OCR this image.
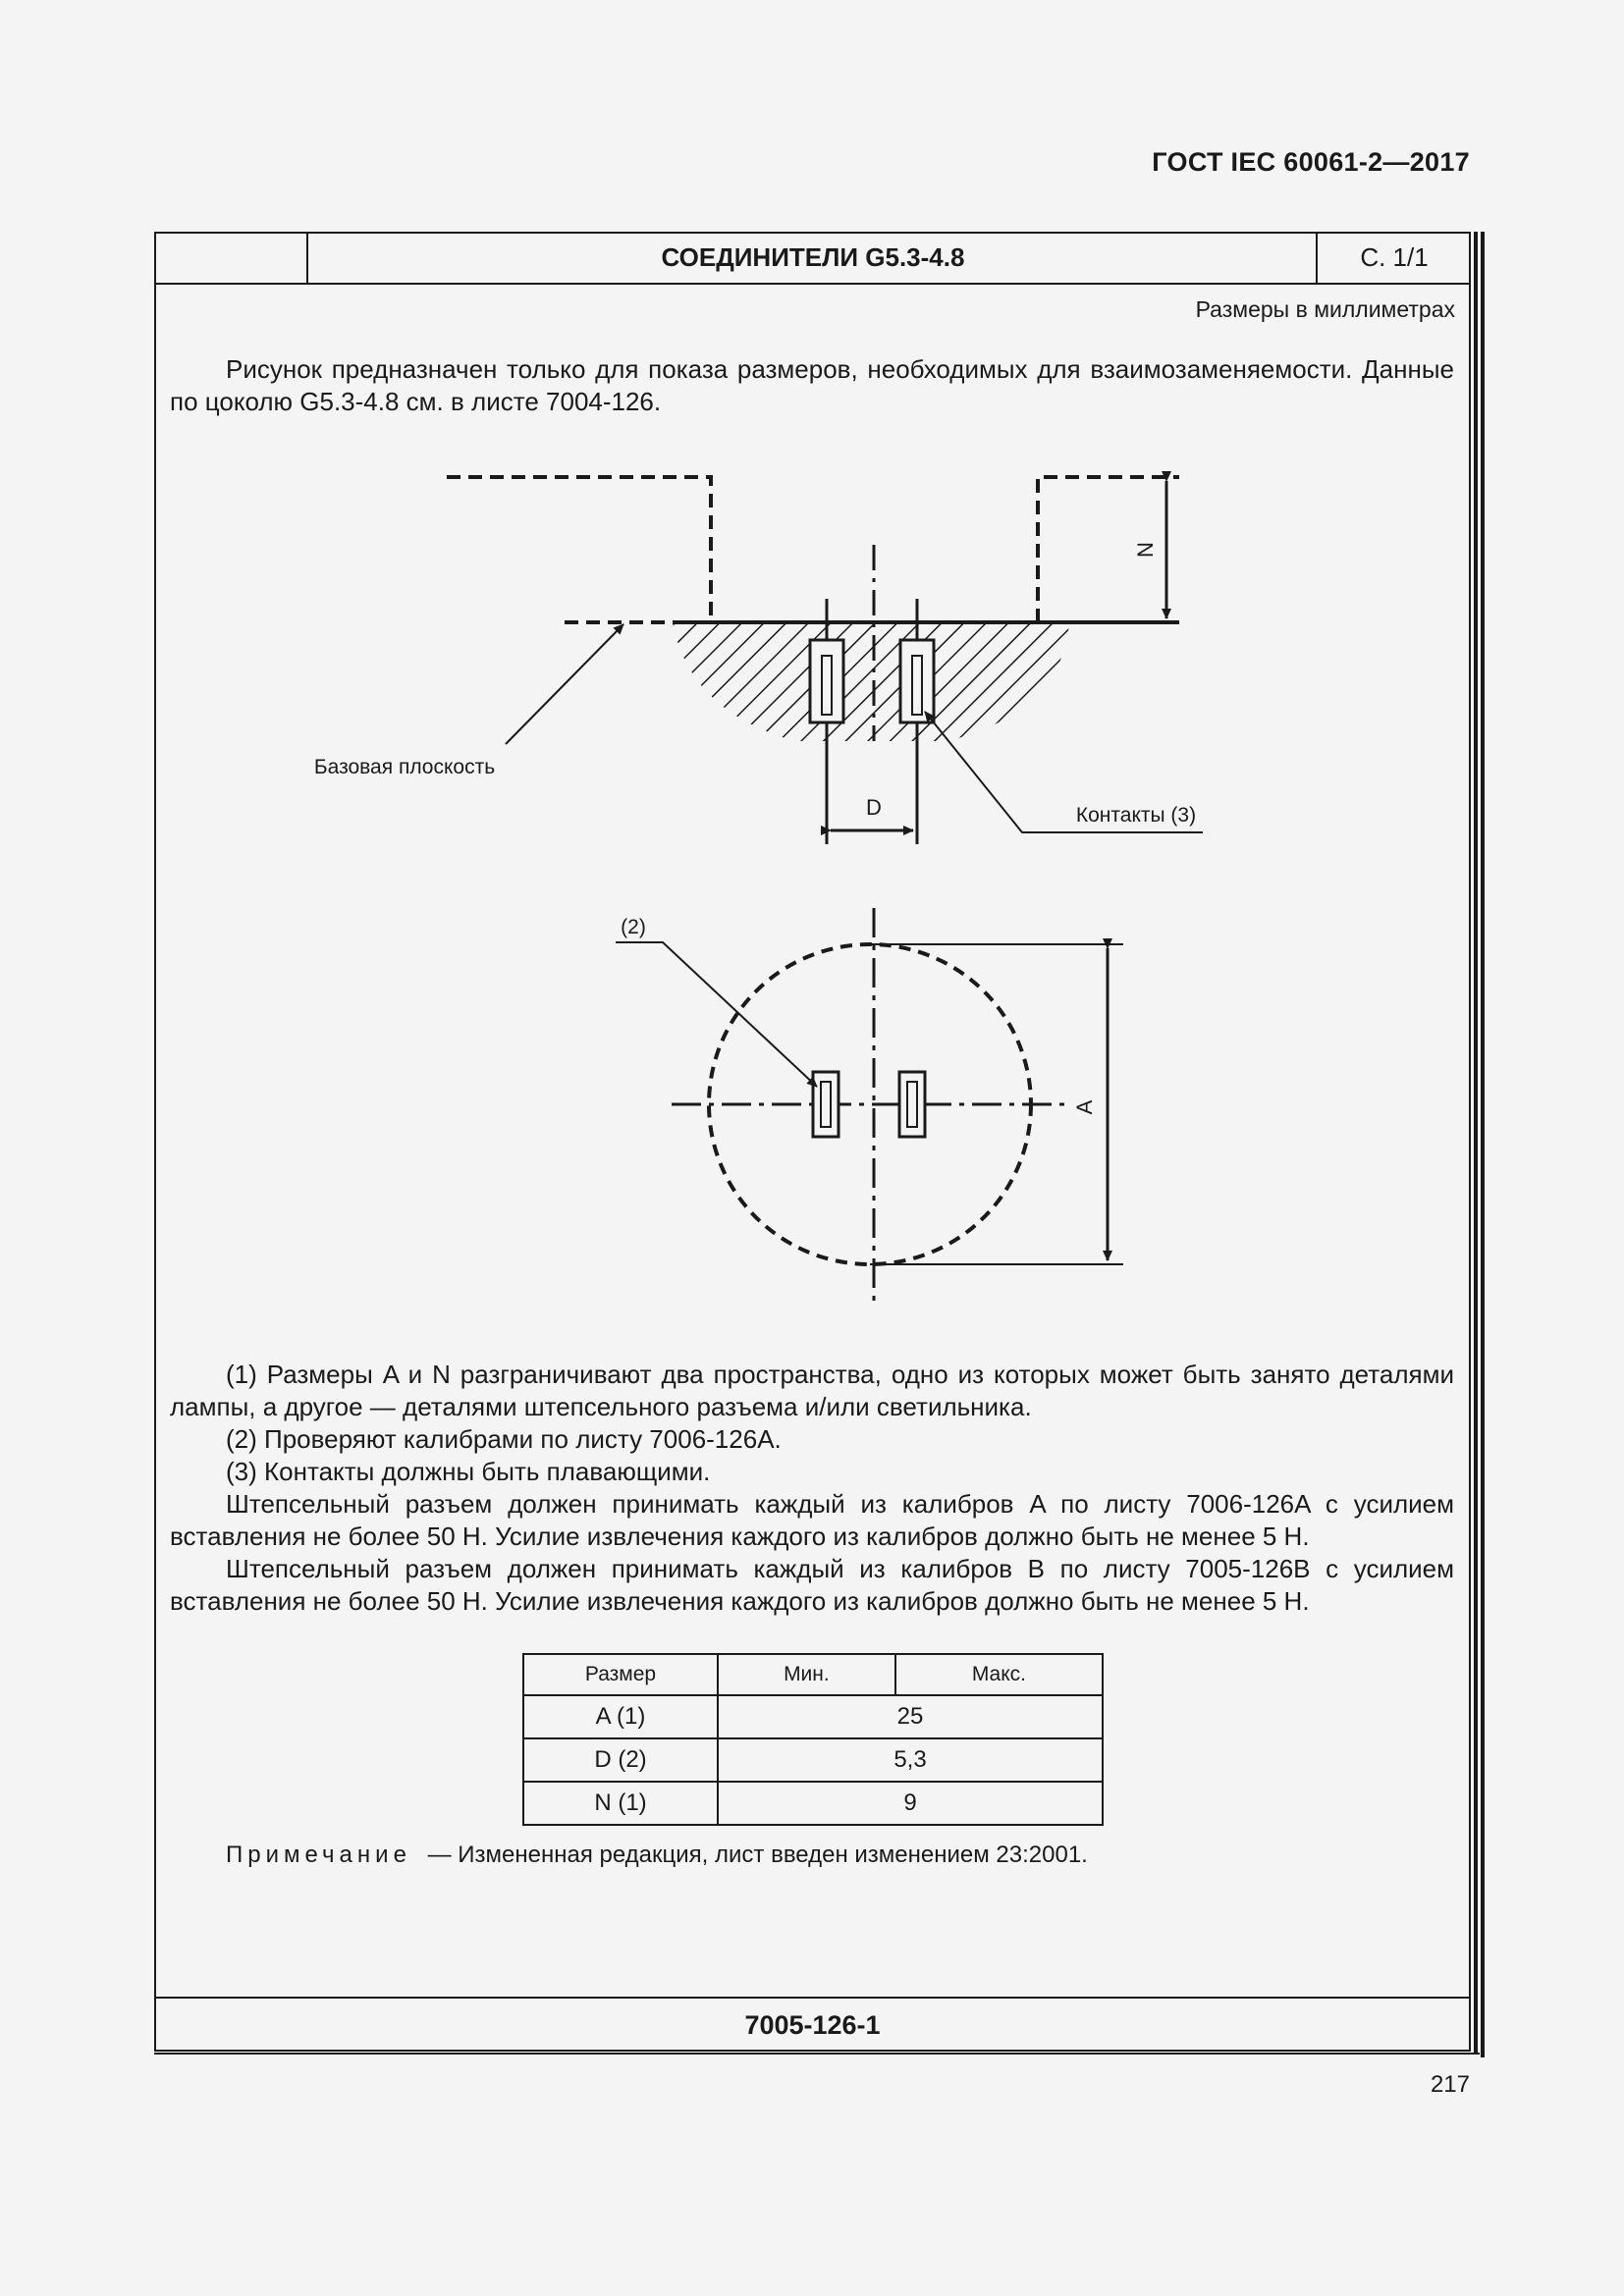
ГОСТ IEC 60061-2—2017
СОЕДИНИТЕЛИ G5.3-4.8	С. 1/1
Размеры в миллиметрах
Рисунок предназначен только для показа размеров, необходимых для взаимозаменяемости. Данные по цоколю G5.3-4.8 см. в листе 7004-126.
N
D
Базовая плоскость
Контакты (3)
A
(2)

(1) Размеры A и N разграничивают два пространства, одно из которых может быть занято деталями лампы, а другое — деталями штепсельного разъема и/или светильника.

(2) Проверяют калибрами по листу 7006-126A.

(3) Контакты должны быть плавающими.

Штепсельный разъем должен принимать каждый из калибров A по листу 7006-126A с усилием вставления не более 50 Н. Усилие извлечения каждого из калибров должно быть не менее 5 Н.

Штепсельный разъем должен принимать каждый из калибров B по листу 7005-126B с усилием вставления не более 50 Н. Усилие извлечения каждого из калибров должно быть не менее 5 Н.

Размер	Мин.	Макс.
A (1)	25	
D (2)	5,3	
N (1)	9	
Примечание — Измененная редакция, лист введен изменением 23:2001.
7005-126-1
217
